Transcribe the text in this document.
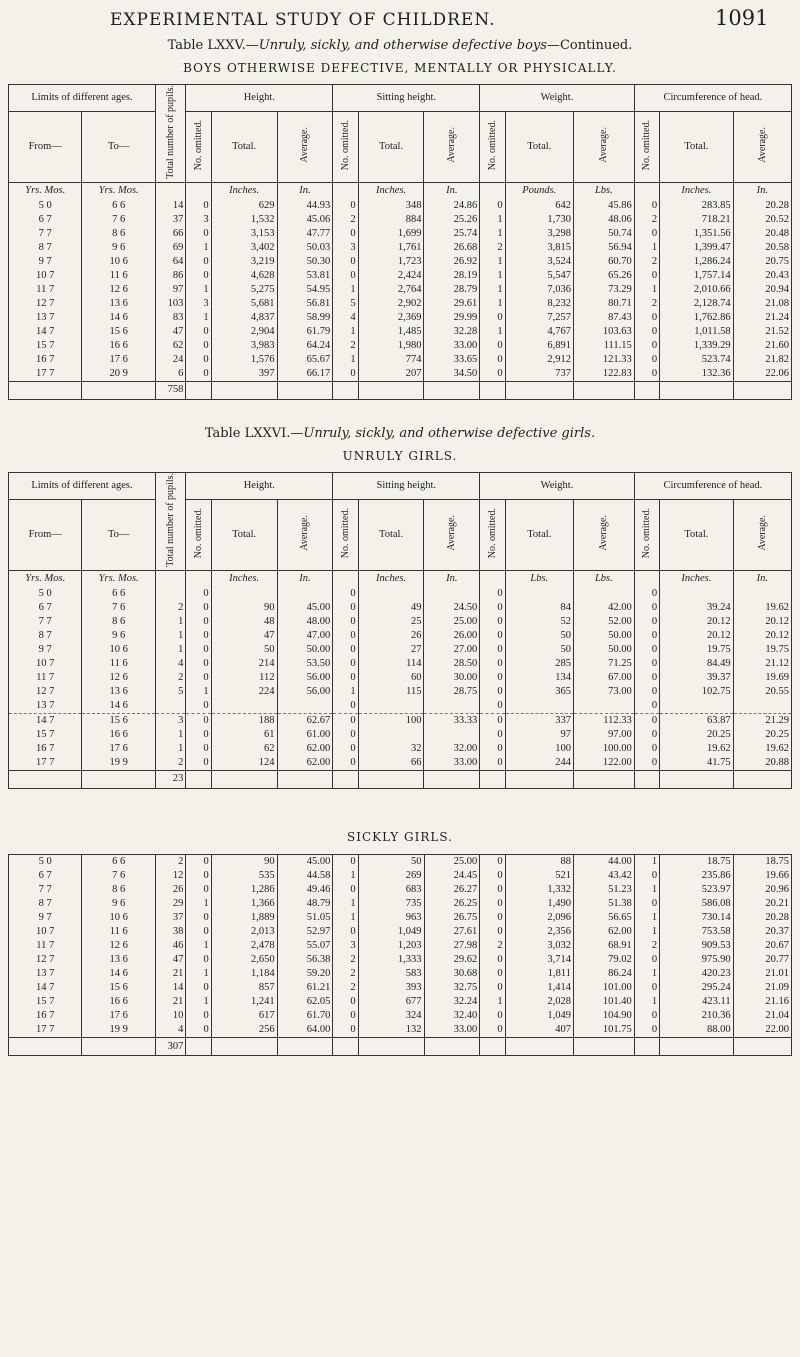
EXPERIMENTAL STUDY OF CHILDREN.	1091
Table LXXV.—Unruly, sickly, and otherwise defective boys—Continued.
BOYS OTHERWISE DEFECTIVE, MENTALLY OR PHYSICALLY.
Limits of different ages.		Total number of pupils.	Height.			Sitting height.			Weight.			Circumference of head.		
From—	To—		No. omitted.	Total.	Average.	No. omitted.	Total.	Average.	No. omitted.	Total.	Average.	No. omitted.	Total.	Average.
Yrs. Mos.	Yrs. Mos.			Inches.	In.		Inches.	In.		Pounds.	Lbs.		Inches.	In.
5 0	6 6	14	0	629	44.93	0	348	24.86	0	642	45.86	0	283.85	20.28
6 7	7 6	37	3	1,532	45.06	2	884	25.26	1	1,730	48.06	2	718.21	20.52
7 7	8 6	66	0	3,153	47.77	0	1,699	25.74	1	3,298	50.74	0	1,351.56	20.48
8 7	9 6	69	1	3,402	50.03	3	1,761	26.68	2	3,815	56.94	1	1,399.47	20.58
9 7	10 6	64	0	3,219	50.30	0	1,723	26.92	1	3,524	60.70	2	1,286.24	20.75
10 7	11 6	86	0	4,628	53.81	0	2,424	28.19	1	5,547	65.26	0	1,757.14	20.43
11 7	12 6	97	1	5,275	54.95	1	2,764	28.79	1	7,036	73.29	1	2,010.66	20.94
12 7	13 6	103	3	5,681	56.81	5	2,902	29.61	1	8,232	80.71	2	2,128.74	21.08
13 7	14 6	83	1	4,837	58.99	4	2,369	29.99	0	7,257	87.43	0	1,762.86	21.24
14 7	15 6	47	0	2,904	61.79	1	1,485	32.28	1	4,767	103.63	0	1,011.58	21.52
15 7	16 6	62	0	3,983	64.24	2	1,980	33.00	0	6,891	111.15	0	1,339.29	21.60
16 7	17 6	24	0	1,576	65.67	1	774	33.65	0	2,912	121.33	0	523.74	21.82
17 7	20 9	6	0	397	66.17	0	207	34.50	0	737	122.83	0	132.36	22.06
		758												
Table LXXVI.—Unruly, sickly, and otherwise defective girls.
UNRULY GIRLS.
Limits of different ages.		Total number of pupils.	Height.			Sitting height.			Weight.			Circumference of head.		
From—	To—		No. omitted.	Total.	Average.	No. omitted.	Total.	Average.	No. omitted.	Total.	Average.	No. omitted.	Total.	Average.
Yrs. Mos.	Yrs. Mos.			Inches.	In.		Inches.	In.		Lbs.	Lbs.		Inches.	In.
5 0	6 6		0			0			0			0		
6 7	7 6	2	0	90	45.00	0	49	24.50	0	84	42.00	0	39.24	19.62
7 7	8 6	1	0	48	48.00	0	25	25.00	0	52	52.00	0	20.12	20.12
8 7	9 6	1	0	47	47.00	0	26	26.00	0	50	50.00	0	20.12	20.12
9 7	10 6	1	0	50	50.00	0	27	27.00	0	50	50.00	0	19.75	19.75
10 7	11 6	4	0	214	53.50	0	114	28.50	0	285	71.25	0	84.49	21.12
11 7	12 6	2	0	112	56.00	0	60	30.00	0	134	67.00	0	39.37	19.69
12 7	13 6	5	1	224	56.00	1	115	28.75	0	365	73.00	0	102.75	20.55
13 7	14 6		0			0			0			0		
14 7	15 6	3	0	188	62.67	0	100	33.33	0	337	112.33	0	63.87	21.29
15 7	16 6	1	0	61	61.00	0			0	97	97.00	0	20.25	20.25
16 7	17 6	1	0	62	62.00	0	32	32.00	0	100	100.00	0	19.62	19.62
17 7	19 9	2	0	124	62.00	0	66	33.00	0	244	122.00	0	41.75	20.88
		23												
SICKLY GIRLS.
5 0	6 6	2	0	90	45.00	0	50	25.00	0	88	44.00	1	18.75	18.75
6 7	7 6	12	0	535	44.58	1	269	24.45	0	521	43.42	0	235.86	19.66
7 7	8 6	26	0	1,286	49.46	0	683	26.27	0	1,332	51.23	1	523.97	20.96
8 7	9 6	29	1	1,366	48.79	1	735	26.25	0	1,490	51.38	0	586.08	20.21
9 7	10 6	37	0	1,889	51.05	1	963	26.75	0	2,096	56.65	1	730.14	20.28
10 7	11 6	38	0	2,013	52.97	0	1,049	27.61	0	2,356	62.00	1	753.58	20.37
11 7	12 6	46	1	2,478	55.07	3	1,203	27.98	2	3,032	68.91	2	909.53	20.67
12 7	13 6	47	0	2,650	56.38	2	1,333	29.62	0	3,714	79.02	0	975.90	20.77
13 7	14 6	21	1	1,184	59.20	2	583	30.68	0	1,811	86.24	1	420.23	21.01
14 7	15 6	14	0	857	61.21	2	393	32.75	0	1,414	101.00	0	295.24	21.09
15 7	16 6	21	1	1,241	62.05	0	677	32.24	1	2,028	101.40	1	423.11	21.16
16 7	17 6	10	0	617	61.70	0	324	32.40	0	1,049	104.90	0	210.36	21.04
17 7	19 9	4	0	256	64.00	0	132	33.00	0	407	101.75	0	88.00	22.00
		307												
